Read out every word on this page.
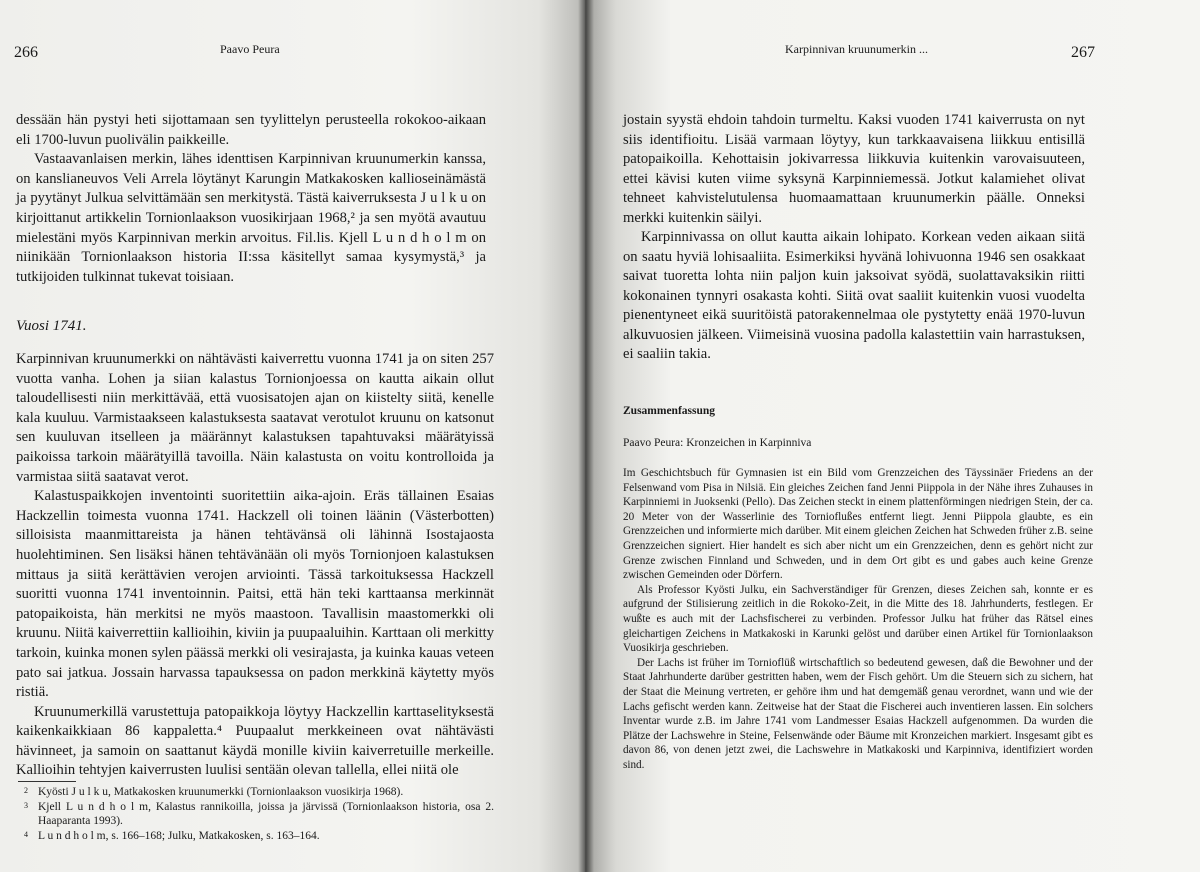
266	Paavo Peura

dessään hän pystyi heti sijottamaan sen tyylittelyn perusteella rokokoo-aikaan eli 1700-luvun puolivälin paikkeille.

Vastaavanlaisen merkin, lähes identtisen Karpinnivan kruunumerkin kanssa, on kanslianeuvos Veli Arrela löytänyt Karungin Matkakosken kallioseinämästä ja pyytänyt Julkua selvittämään sen merkitystä. Tästä kaiverruksesta J u l k u on kirjoittanut artikkelin Tornionlaakson vuosikirjaan 1968,² ja sen myötä avautuu mielestäni myös Karpinnivan merkin arvoitus. Fil.lis. Kjell L u n d h o l m on niinikään Tornionlaakson historia II:ssa käsitellyt samaa kysymystä,³ ja tutkijoiden tulkinnat tukevat toisiaan.

Vuosi 1741.

Karpinnivan kruunumerkki on nähtävästi kaiverrettu vuonna 1741 ja on siten 257 vuotta vanha. Lohen ja siian kalastus Tornionjoessa on kautta aikain ollut taloudellisesti niin merkittävää, että vuosisatojen ajan on kiistelty siitä, kenelle kala kuuluu. Varmistaakseen kalastuksesta saatavat verotulot kruunu on katsonut sen kuuluvan itselleen ja määrännyt kalastuksen tapahtuvaksi määrätyissä paikoissa tarkoin määrätyillä tavoilla. Näin kalastusta on voitu kontrolloida ja varmistaa siitä saatavat verot.

Kalastuspaikkojen inventointi suoritettiin aika-ajoin. Eräs tällainen Esaias Hackzellin toimesta vuonna 1741. Hackzell oli toinen läänin (Västerbotten) silloisista maanmittareista ja hänen tehtävänsä oli lähinnä Isostajaosta huolehtiminen. Sen lisäksi hänen tehtävänään oli myös Tornionjoen kalastuksen mittaus ja siitä kerättävien verojen arviointi. Tässä tarkoituksessa Hackzell suoritti vuonna 1741 inventoinnin. Paitsi, että hän teki karttaansa merkinnät patopaikoista, hän merkitsi ne myös maastoon. Tavallisin maastomerkki oli kruunu. Niitä kaiverrettiin kallioihin, kiviin ja puupaaluihin. Karttaan oli merkitty tarkoin, kuinka monen sylen päässä merkki oli vesirajasta, ja kuinka kauas veteen pato sai jatkua. Jossain harvassa tapauksessa on padon merkkinä käytetty myös ristiä.

Kruunumerkillä varustettuja patopaikkoja löytyy Hackzellin karttaselityksestä kaikenkaikkiaan 86 kappaletta.⁴ Puupaalut merkkeineen ovat nähtävästi hävinneet, ja samoin on saattanut käydä monille kiviin kaiverretuille merkeille. Kallioihin tehtyjen kaiverrusten luulisi sentään olevan tallella, ellei niitä ole

2 Kyösti J u l k u, Matkakosken kruunumerkki (Tornionlaakson vuosikirja 1968).
3 Kjell L u n d h o l m, Kalastus rannikoilla, joissa ja järvissä (Tornionlaakson historia, osa 2. Haaparanta 1993).
4 L u n d h o l m, s. 166–168; Julku, Matkakosken, s. 163–164.
Karpinnivan kruunumerkin ...	267

jostain syystä ehdoin tahdoin turmeltu. Kaksi vuoden 1741 kaiverrusta on nyt siis identifioitu. Lisää varmaan löytyy, kun tarkkaavaisena liikkuu entisillä patopaikoilla. Kehottaisin jokivarressa liikkuvia kuitenkin varovaisuuteen, ettei kävisi kuten viime syksynä Karpinniemessä. Jotkut kalamiehet olivat tehneet kahvistelutulensa huomaamattaan kruunumerkin päälle. Onneksi merkki kuitenkin säilyi.

Karpinnivassa on ollut kautta aikain lohipato. Korkean veden aikaan siitä on saatu hyviä lohisaaliita. Esimerkiksi hyvänä lohivuonna 1946 sen osakkaat saivat tuoretta lohta niin paljon kuin jaksoivat syödä, suolattavaksikin riitti kokonainen tynnyri osakasta kohti. Siitä ovat saaliit kuitenkin vuosi vuodelta pienentyneet eikä suuritöistä patorakennelmaa ole pystytetty enää 1970-luvun alkuvuosien jälkeen. Viimeisinä vuosina padolla kalastettiin vain harrastuksen, ei saaliin takia.

Zusammenfassung
Paavo Peura: Kronzeichen in Karpinniva

Im Geschichtsbuch für Gymnasien ist ein Bild vom Grenzzeichen des Täyssinäer Friedens an der Felsenwand vom Pisa in Nilsiä. Ein gleiches Zeichen fand Jenni Piippola in der Nähe ihres Zuhauses in Karpinniemi in Juoksenki (Pello). Das Zeichen steckt in einem plattenförmingen niedrigen Stein, der ca. 20 Meter von der Wasserlinie des Tornioflußes entfernt liegt. Jenni Piippola glaubte, es ein Grenzzeichen und informierte mich darüber. Mit einem gleichen Zeichen hat Schweden früher z.B. seine Grenzzeichen signiert. Hier handelt es sich aber nicht um ein Grenzzeichen, denn es gehört nicht zur Grenze zwischen Finnland und Schweden, und in dem Ort gibt es und gabes auch keine Grenze zwischen Gemeinden oder Dörfern.

Als Professor Kyösti Julku, ein Sachverständiger für Grenzen, dieses Zeichen sah, konnte er es aufgrund der Stilisierung zeitlich in die Rokoko-Zeit, in die Mitte des 18. Jahrhunderts, festlegen. Er wußte es auch mit der Lachsfischerei zu verbinden. Professor Julku hat früher das Rätsel eines gleichartigen Zeichens in Matkakoski in Karunki gelöst und darüber einen Artikel für Tornionlaakson Vuosikirja geschrieben.

Der Lachs ist früher im Tornioflüß wirtschaftlich so bedeutend gewesen, daß die Bewohner und der Staat Jahrhunderte darüber gestritten haben, wem der Fisch gehört. Um die Steuern sich zu sichern, hat der Staat die Meinung vertreten, er gehöre ihm und hat demgemäß genau verordnet, wann und wie der Lachs gefischt werden kann. Zeitweise hat der Staat die Fischerei auch inventieren lassen. Ein solchers Inventar wurde z.B. im Jahre 1741 vom Landmesser Esaias Hackzell aufgenommen. Da wurden die Plätze der Lachswehre in Steine, Felsenwände oder Bäume mit Kronzeichen markiert. Insgesamt gibt es davon 86, von denen jetzt zwei, die Lachswehre in Matkakoski und Karpinniva, identifiziert worden sind.
